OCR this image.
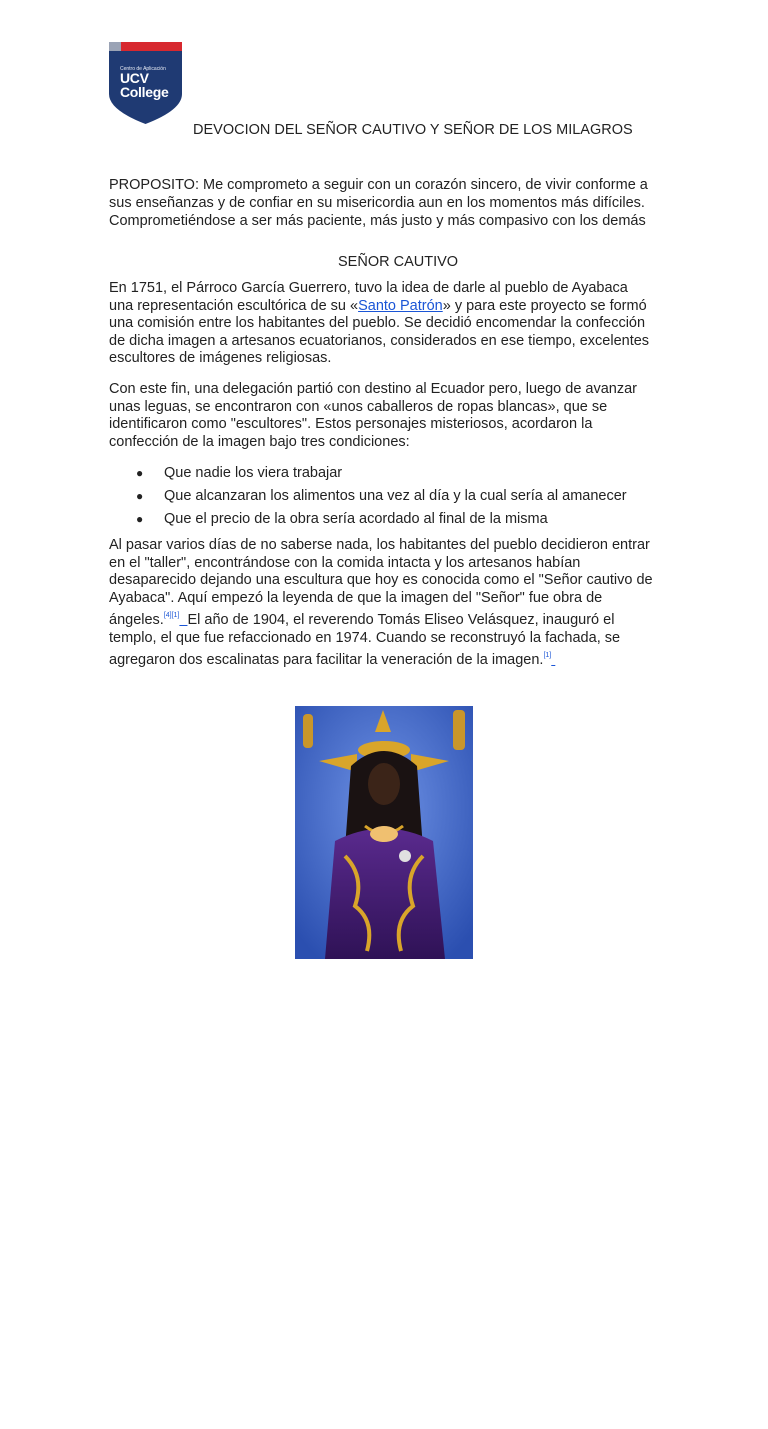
Centro de Aplicación
UCV
College
DEVOCION DEL SEÑOR CAUTIVO Y SEÑOR DE LOS MILAGROS

PROPOSITO: Me comprometo a seguir con un corazón sincero, de vivir conforme a sus enseñanzas y de confiar en su misericordia aun en los momentos más difíciles. Comprometiéndose a ser más paciente, más justo y más compasivo con los demás

SEÑOR CAUTIVO

En 1751, el Párroco García Guerrero, tuvo la idea de darle al pueblo de Ayabaca una representación escultórica de su «Santo Patrón» y para este proyecto se formó una comisión entre los habitantes del pueblo. Se decidió encomendar la confección de dicha imagen a artesanos ecuatorianos, considerados en ese tiempo, excelentes escultores de imágenes religiosas.

Con este fin, una delegación partió con destino al Ecuador pero, luego de avanzar unas leguas, se encontraron con «unos caballeros de ropas blancas», que se identificaron como "escultores". Estos personajes misteriosos, acordaron la confección de la imagen bajo tres condiciones:

● Que nadie los viera trabajar
● Que alcanzaran los alimentos una vez al día y la cual sería al amanecer
● Que el precio de la obra sería acordado al final de la misma

Al pasar varios días de no saberse nada, los habitantes del pueblo decidieron entrar en el "taller", encontrándose con la comida intacta y los artesanos habían desaparecido dejando una escultura que hoy es conocida como el "Señor cautivo de Ayabaca". Aquí empezó la leyenda de que la imagen del "Señor" fue obra de ángeles.[4][1] El año de 1904, el reverendo Tomás Eliseo Velásquez, inauguró el templo, el que fue refaccionado en 1974. Cuando se reconstruyó la fachada, se agregaron dos escalinatas para facilitar la veneración de la imagen.[1]

Cristo
Cautivo
